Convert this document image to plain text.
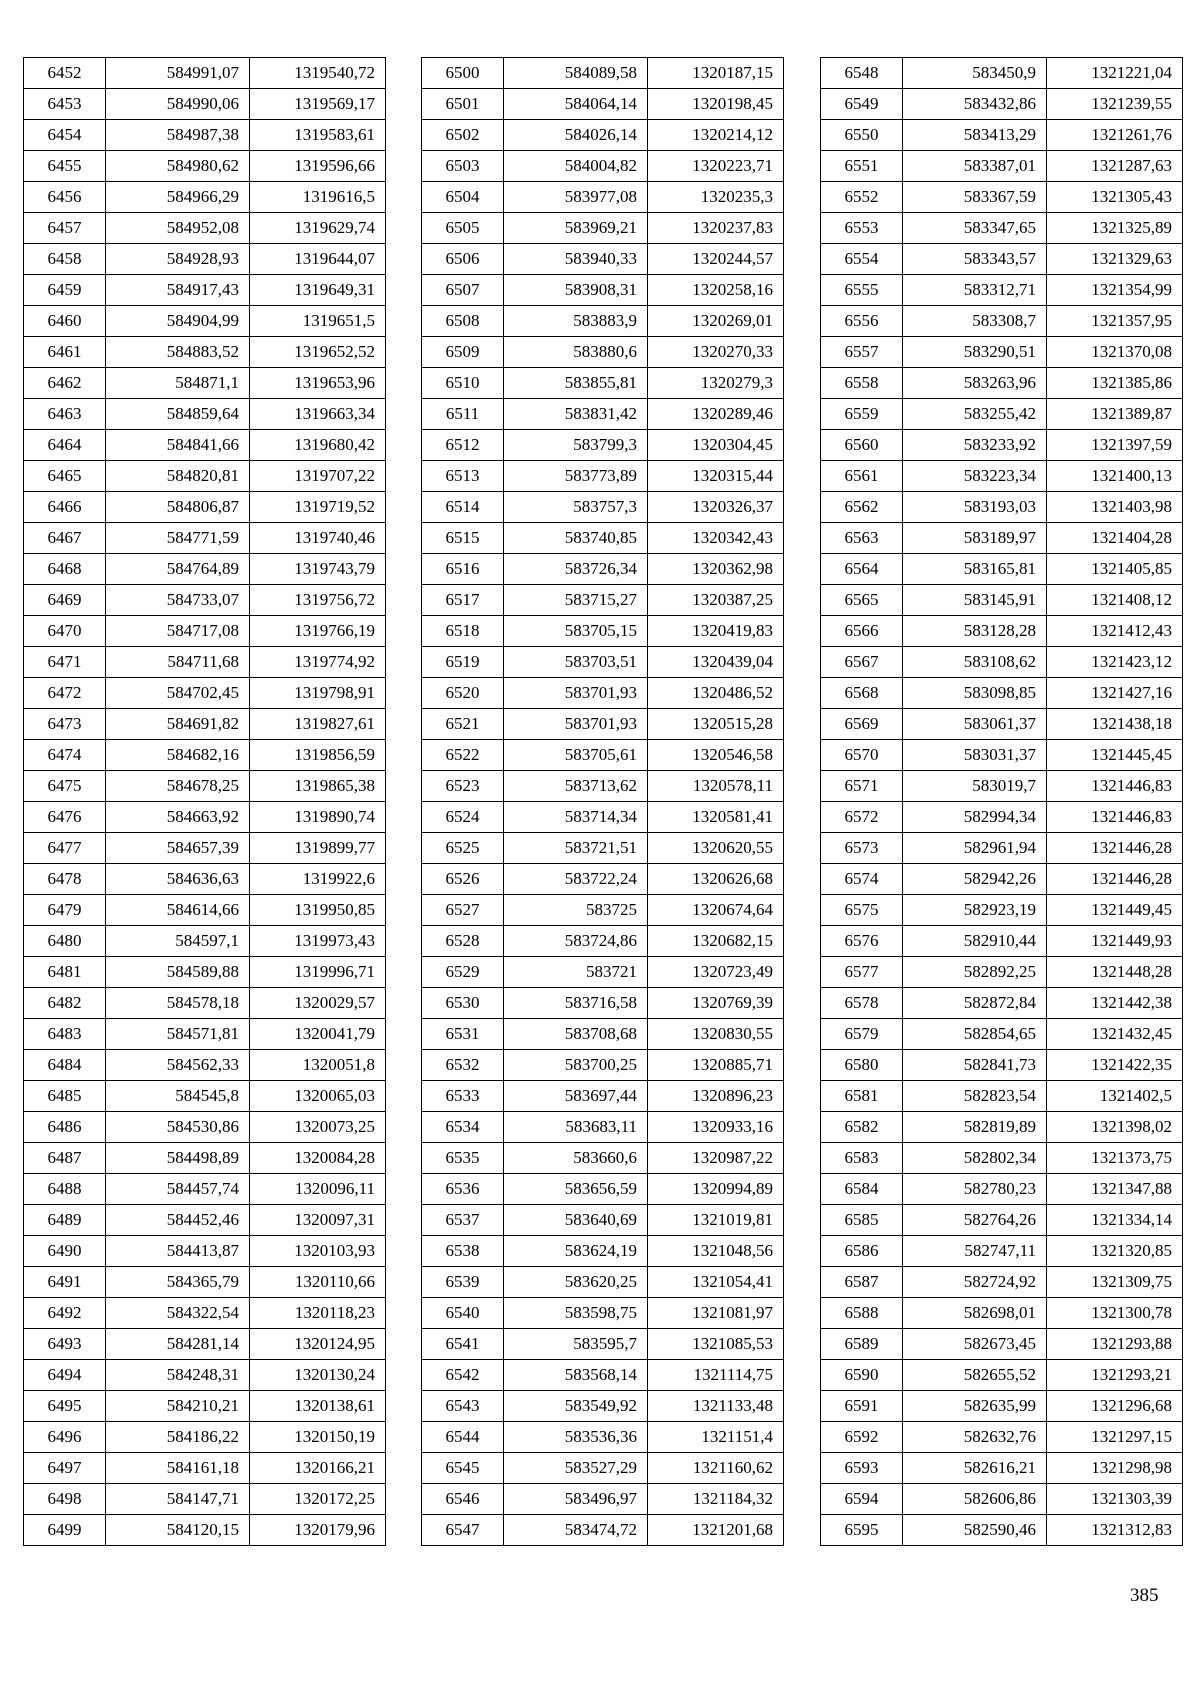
6452	584991,07	1319540,72
6453	584990,06	1319569,17
6454	584987,38	1319583,61
6455	584980,62	1319596,66
6456	584966,29	1319616,5
6457	584952,08	1319629,74
6458	584928,93	1319644,07
6459	584917,43	1319649,31
6460	584904,99	1319651,5
6461	584883,52	1319652,52
6462	584871,1	1319653,96
6463	584859,64	1319663,34
6464	584841,66	1319680,42
6465	584820,81	1319707,22
6466	584806,87	1319719,52
6467	584771,59	1319740,46
6468	584764,89	1319743,79
6469	584733,07	1319756,72
6470	584717,08	1319766,19
6471	584711,68	1319774,92
6472	584702,45	1319798,91
6473	584691,82	1319827,61
6474	584682,16	1319856,59
6475	584678,25	1319865,38
6476	584663,92	1319890,74
6477	584657,39	1319899,77
6478	584636,63	1319922,6
6479	584614,66	1319950,85
6480	584597,1	1319973,43
6481	584589,88	1319996,71
6482	584578,18	1320029,57
6483	584571,81	1320041,79
6484	584562,33	1320051,8
6485	584545,8	1320065,03
6486	584530,86	1320073,25
6487	584498,89	1320084,28
6488	584457,74	1320096,11
6489	584452,46	1320097,31
6490	584413,87	1320103,93
6491	584365,79	1320110,66
6492	584322,54	1320118,23
6493	584281,14	1320124,95
6494	584248,31	1320130,24
6495	584210,21	1320138,61
6496	584186,22	1320150,19
6497	584161,18	1320166,21
6498	584147,71	1320172,25
6499	584120,15	1320179,96
6500	584089,58	1320187,15
6501	584064,14	1320198,45
6502	584026,14	1320214,12
6503	584004,82	1320223,71
6504	583977,08	1320235,3
6505	583969,21	1320237,83
6506	583940,33	1320244,57
6507	583908,31	1320258,16
6508	583883,9	1320269,01
6509	583880,6	1320270,33
6510	583855,81	1320279,3
6511	583831,42	1320289,46
6512	583799,3	1320304,45
6513	583773,89	1320315,44
6514	583757,3	1320326,37
6515	583740,85	1320342,43
6516	583726,34	1320362,98
6517	583715,27	1320387,25
6518	583705,15	1320419,83
6519	583703,51	1320439,04
6520	583701,93	1320486,52
6521	583701,93	1320515,28
6522	583705,61	1320546,58
6523	583713,62	1320578,11
6524	583714,34	1320581,41
6525	583721,51	1320620,55
6526	583722,24	1320626,68
6527	583725	1320674,64
6528	583724,86	1320682,15
6529	583721	1320723,49
6530	583716,58	1320769,39
6531	583708,68	1320830,55
6532	583700,25	1320885,71
6533	583697,44	1320896,23
6534	583683,11	1320933,16
6535	583660,6	1320987,22
6536	583656,59	1320994,89
6537	583640,69	1321019,81
6538	583624,19	1321048,56
6539	583620,25	1321054,41
6540	583598,75	1321081,97
6541	583595,7	1321085,53
6542	583568,14	1321114,75
6543	583549,92	1321133,48
6544	583536,36	1321151,4
6545	583527,29	1321160,62
6546	583496,97	1321184,32
6547	583474,72	1321201,68
6548	583450,9	1321221,04
6549	583432,86	1321239,55
6550	583413,29	1321261,76
6551	583387,01	1321287,63
6552	583367,59	1321305,43
6553	583347,65	1321325,89
6554	583343,57	1321329,63
6555	583312,71	1321354,99
6556	583308,7	1321357,95
6557	583290,51	1321370,08
6558	583263,96	1321385,86
6559	583255,42	1321389,87
6560	583233,92	1321397,59
6561	583223,34	1321400,13
6562	583193,03	1321403,98
6563	583189,97	1321404,28
6564	583165,81	1321405,85
6565	583145,91	1321408,12
6566	583128,28	1321412,43
6567	583108,62	1321423,12
6568	583098,85	1321427,16
6569	583061,37	1321438,18
6570	583031,37	1321445,45
6571	583019,7	1321446,83
6572	582994,34	1321446,83
6573	582961,94	1321446,28
6574	582942,26	1321446,28
6575	582923,19	1321449,45
6576	582910,44	1321449,93
6577	582892,25	1321448,28
6578	582872,84	1321442,38
6579	582854,65	1321432,45
6580	582841,73	1321422,35
6581	582823,54	1321402,5
6582	582819,89	1321398,02
6583	582802,34	1321373,75
6584	582780,23	1321347,88
6585	582764,26	1321334,14
6586	582747,11	1321320,85
6587	582724,92	1321309,75
6588	582698,01	1321300,78
6589	582673,45	1321293,88
6590	582655,52	1321293,21
6591	582635,99	1321296,68
6592	582632,76	1321297,15
6593	582616,21	1321298,98
6594	582606,86	1321303,39
6595	582590,46	1321312,83
385
